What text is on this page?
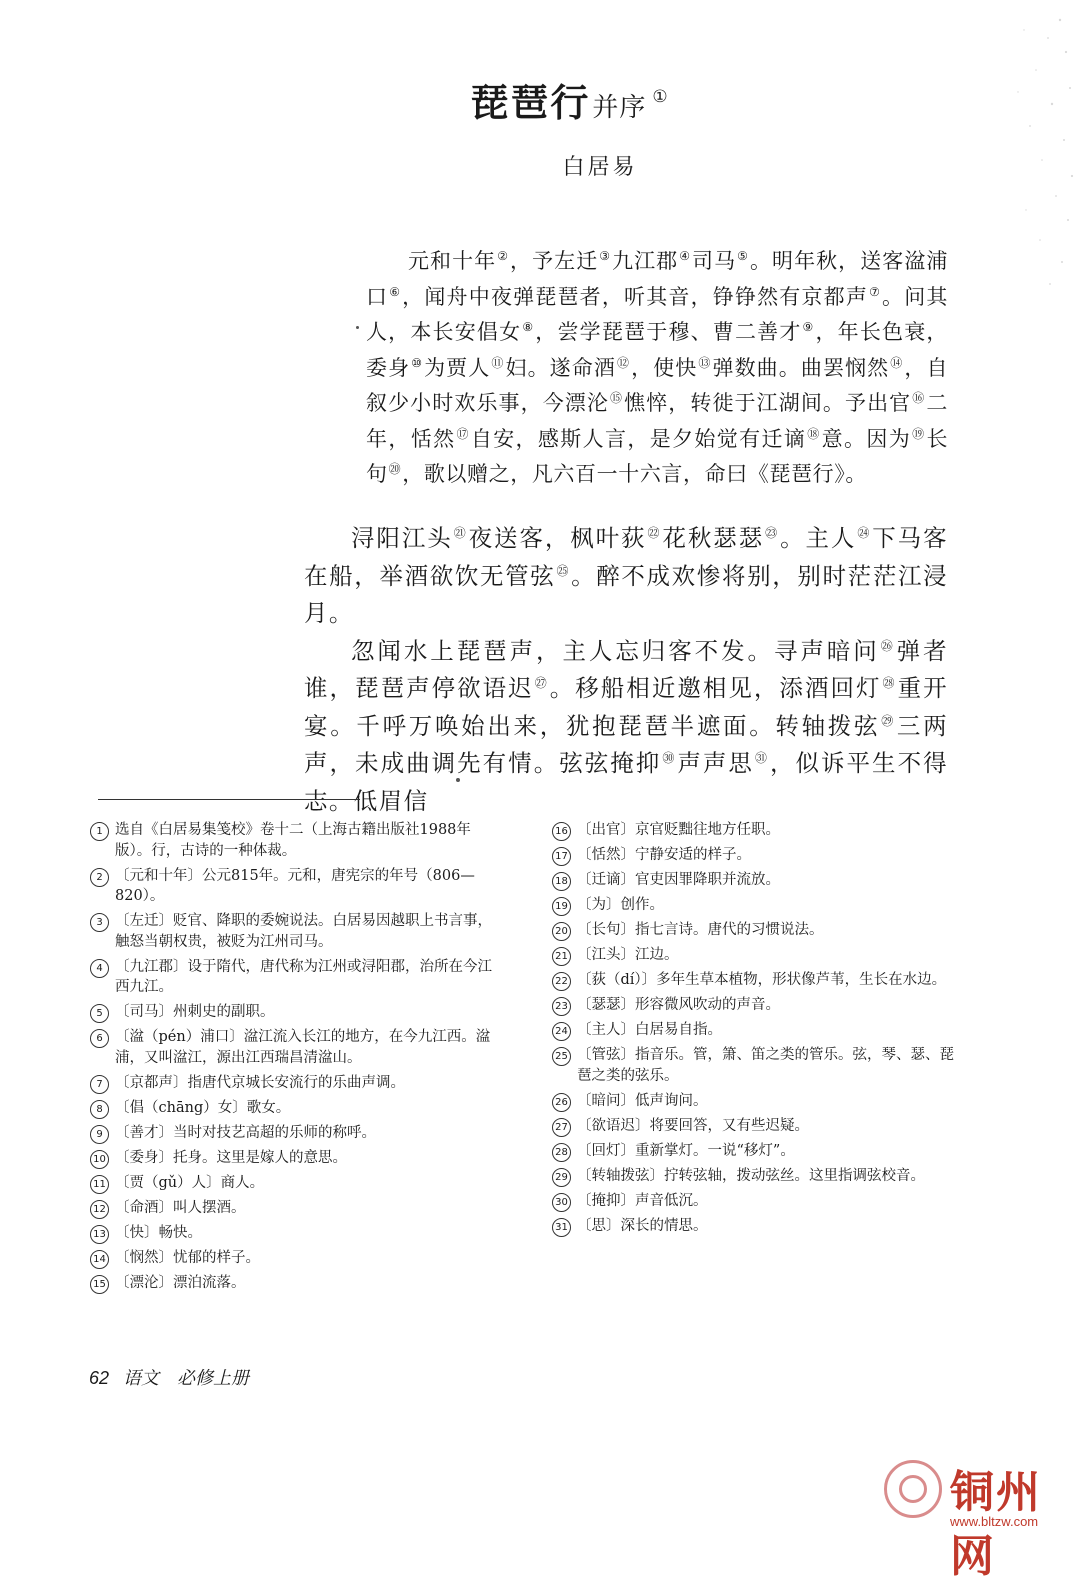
琵琶行并序 ①
白居易

元和十年②，予左迁③九江郡④司马⑤。明年秋，送客湓浦口⑥，闻舟中夜弹琵琶者，听其音，铮铮然有京都声⑦。问其人，本长安倡女⑧，尝学琵琶于穆、曹二善才⑨，年长色衰，委身⑩为贾人⑪妇。遂命酒⑫，使快⑬弹数曲。曲罢悯然⑭，自叙少小时欢乐事，今漂沦⑮憔悴，转徙于江湖间。予出官⑯二年，恬然⑰自安，感斯人言，是夕始觉有迁谪⑱意。因为⑲长句⑳，歌以赠之，凡六百一十六言，命曰《琵琶行》。

浔阳江头$^㉑$夜送客，枫叶荻$^㉒$花秋瑟瑟$^㉓$。主人$^㉔$下马客在船，举酒欲饮无管弦$^㉕$。醉不成欢惨将别，别时茫茫江浸月。

忽闻水上琵琶声，主人忘归客不发。寻声暗问$^㉖$弹者谁，琵琶声停欲语迟$^㉗$。移船相近邀相见，添酒回灯$^㉘$重开宴。千呼万唤始出来，犹抱琵琶半遮面。转轴拨弦$^㉙$三两声，未成曲调先有情。弦弦掩抑$^㉚$声声思$^㉛$，似诉平生不得志。低眉信

1 选自《白居易集笺校》卷十二（上海古籍出版社1988年版）。行，古诗的一种体裁。
2 〔元和十年〕公元815年。元和，唐宪宗的年号（806—820）。
3 〔左迁〕贬官、降职的委婉说法。白居易因越职上书言事，触怒当朝权贵，被贬为江州司马。
4 〔九江郡〕设于隋代，唐代称为江州或浔阳郡，治所在今江西九江。
5 〔司马〕州刺史的副职。
6 〔湓（pén）浦口〕湓江流入长江的地方，在今九江西。湓浦，又叫湓江，源出江西瑞昌清湓山。
7 〔京都声〕指唐代京城长安流行的乐曲声调。
8 〔倡（chāng）女〕歌女。
9 〔善才〕当时对技艺高超的乐师的称呼。
10 〔委身〕托身。这里是嫁人的意思。
11 〔贾（gǔ）人〕商人。
12 〔命酒〕叫人摆酒。
13 〔快〕畅快。
14 〔悯然〕忧郁的样子。
15 〔漂沦〕漂泊流落。
16 〔出官〕京官贬黜往地方任职。
17 〔恬然〕宁静安适的样子。
18 〔迁谪〕官吏因罪降职并流放。
19 〔为〕创作。
20 〔长句〕指七言诗。唐代的习惯说法。
21 〔江头〕江边。
22 〔荻（dí）〕多年生草本植物，形状像芦苇，生长在水边。
23 〔瑟瑟〕形容微风吹动的声音。
24 〔主人〕白居易自指。
25 〔管弦〕指音乐。管，箫、笛之类的管乐。弦，琴、瑟、琵琶之类的弦乐。
26 〔暗问〕低声询问。
27 〔欲语迟〕将要回答，又有些迟疑。
28 〔回灯〕重新掌灯。一说“移灯”。
29 〔转轴拨弦〕拧转弦轴，拨动弦丝。这里指调弦校音。
30 〔掩抑〕声音低沉。
31 〔思〕深长的情思。
62 语文　必修上册
铜州网
www.bltzw.com
